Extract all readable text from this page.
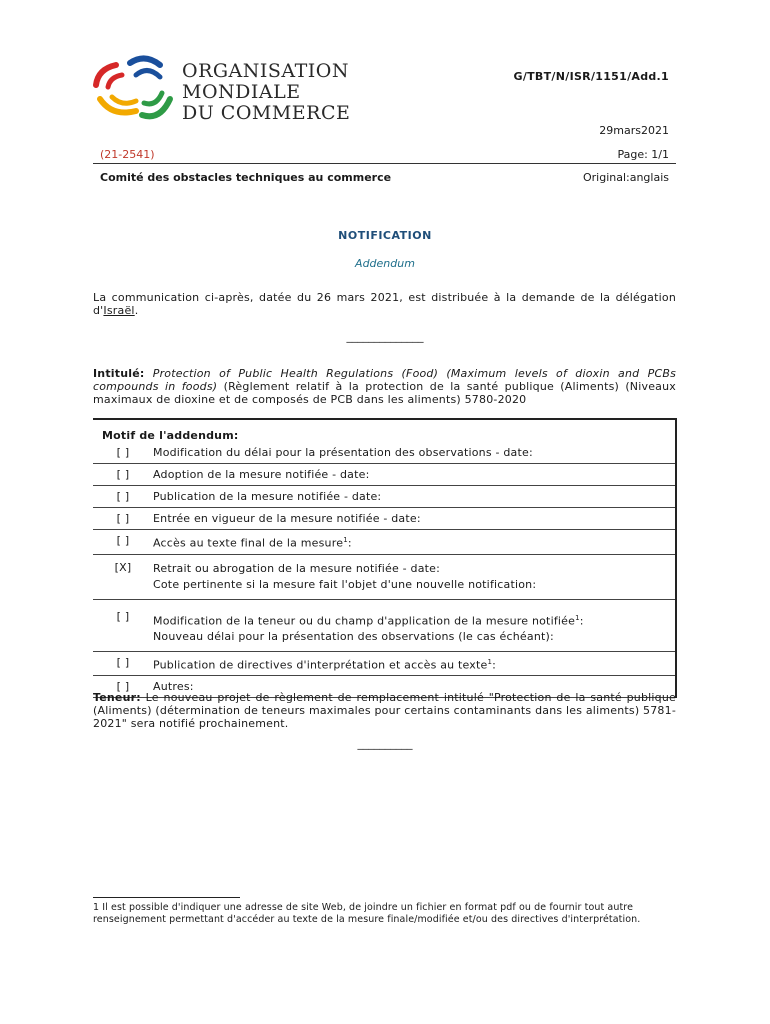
ORGANISATION
MONDIALE
DU COMMERCE
G/TBT/N/ISR/1151/Add.1
29mars2021
(21-2541)	Page: 1/1
Comité des obstacles techniques au commerce	Original:anglais
NOTIFICATION
Addendum
La communication ci-après, datée du 26 mars 2021, est distribuée à la demande de la délégation d'Israël.
______________
Intitulé: Protection of Public Health Regulations (Food) (Maximum levels of dioxin and PCBs compounds in foods) (Règlement relatif à la protection de la santé publique (Aliments) (Niveaux maximaux de dioxine et de composés de PCB dans les aliments) 5780-2020
Motif de l'addendum:	
[ ]	Modification du délai pour la présentation des observations - date:
[ ]	Adoption de la mesure notifiée - date:
[ ]	Publication de la mesure notifiée - date:
[ ]	Entrée en vigueur de la mesure notifiée - date:
[ ]	Accès au texte final de la mesure$^1$:
[X]	Retrait ou abrogation de la mesure notifiée - date:
Cote pertinente si la mesure fait l'objet d'une nouvelle notification:

[ ]	Modification de la teneur ou du champ d'application de la mesure notifiée$^1$:
Nouveau délai pour la présentation des observations (le cas échéant):

[ ]	Publication de directives d'interprétation et accès au texte$^1$:
[ ]	Autres:
Teneur: Le nouveau projet de règlement de remplacement intitulé "Protection de la santé publique (Aliments) (détermination de teneurs maximales pour certains contaminants dans les aliments) 5781-2021" sera notifié prochainement.
__________
1 Il est possible d'indiquer une adresse de site Web, de joindre un fichier en format pdf ou de fournir tout autre renseignement permettant d'accéder au texte de la mesure finale/modifiée et/ou des directives d'interprétation.
